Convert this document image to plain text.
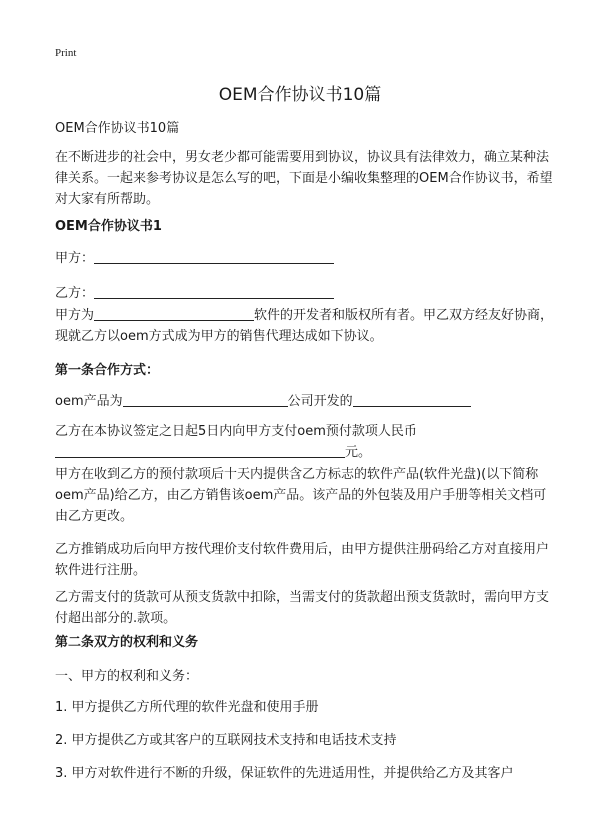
Print
OEM合作协议书10篇

OEM合作协议书10篇

在不断进步的社会中，男女老少都可能需要用到协议，协议具有法律效力，确立某种法律关系。一起来参考协议是怎么写的吧，下面是小编收集整理的OEM合作协议书，希望对大家有所帮助。

OEM合作协议书1

甲方：
乙方：

甲方为	软件的开发者和版权所有者。甲乙双方经友好协商，现就乙方以oem方式成为甲方的销售代理达成如下协议。

第一条合作方式：

oem产品为	公司开发的

乙方在本协议签定之日起5日内向甲方支付oem预付款项人民币
元。

甲方在收到乙方的预付款项后十天内提供含乙方标志的软件产品(软件光盘)(以下简称oem产品)给乙方，由乙方销售该oem产品。该产品的外包装及用户手册等相关文档可由乙方更改。

乙方推销成功后向甲方按代理价支付软件费用后，由甲方提供注册码给乙方对直接用户软件进行注册。

乙方需支付的货款可从预支货款中扣除，当需支付的货款超出预支货款时，需向甲方支付超出部分的.款项。

第二条双方的权利和义务

一、甲方的权利和义务：

1. 甲方提供乙方所代理的软件光盘和使用手册

2. 甲方提供乙方或其客户的互联网技术支持和电话技术支持

3. 甲方对软件进行不断的升级，保证软件的先进适用性，并提供给乙方及其客户
